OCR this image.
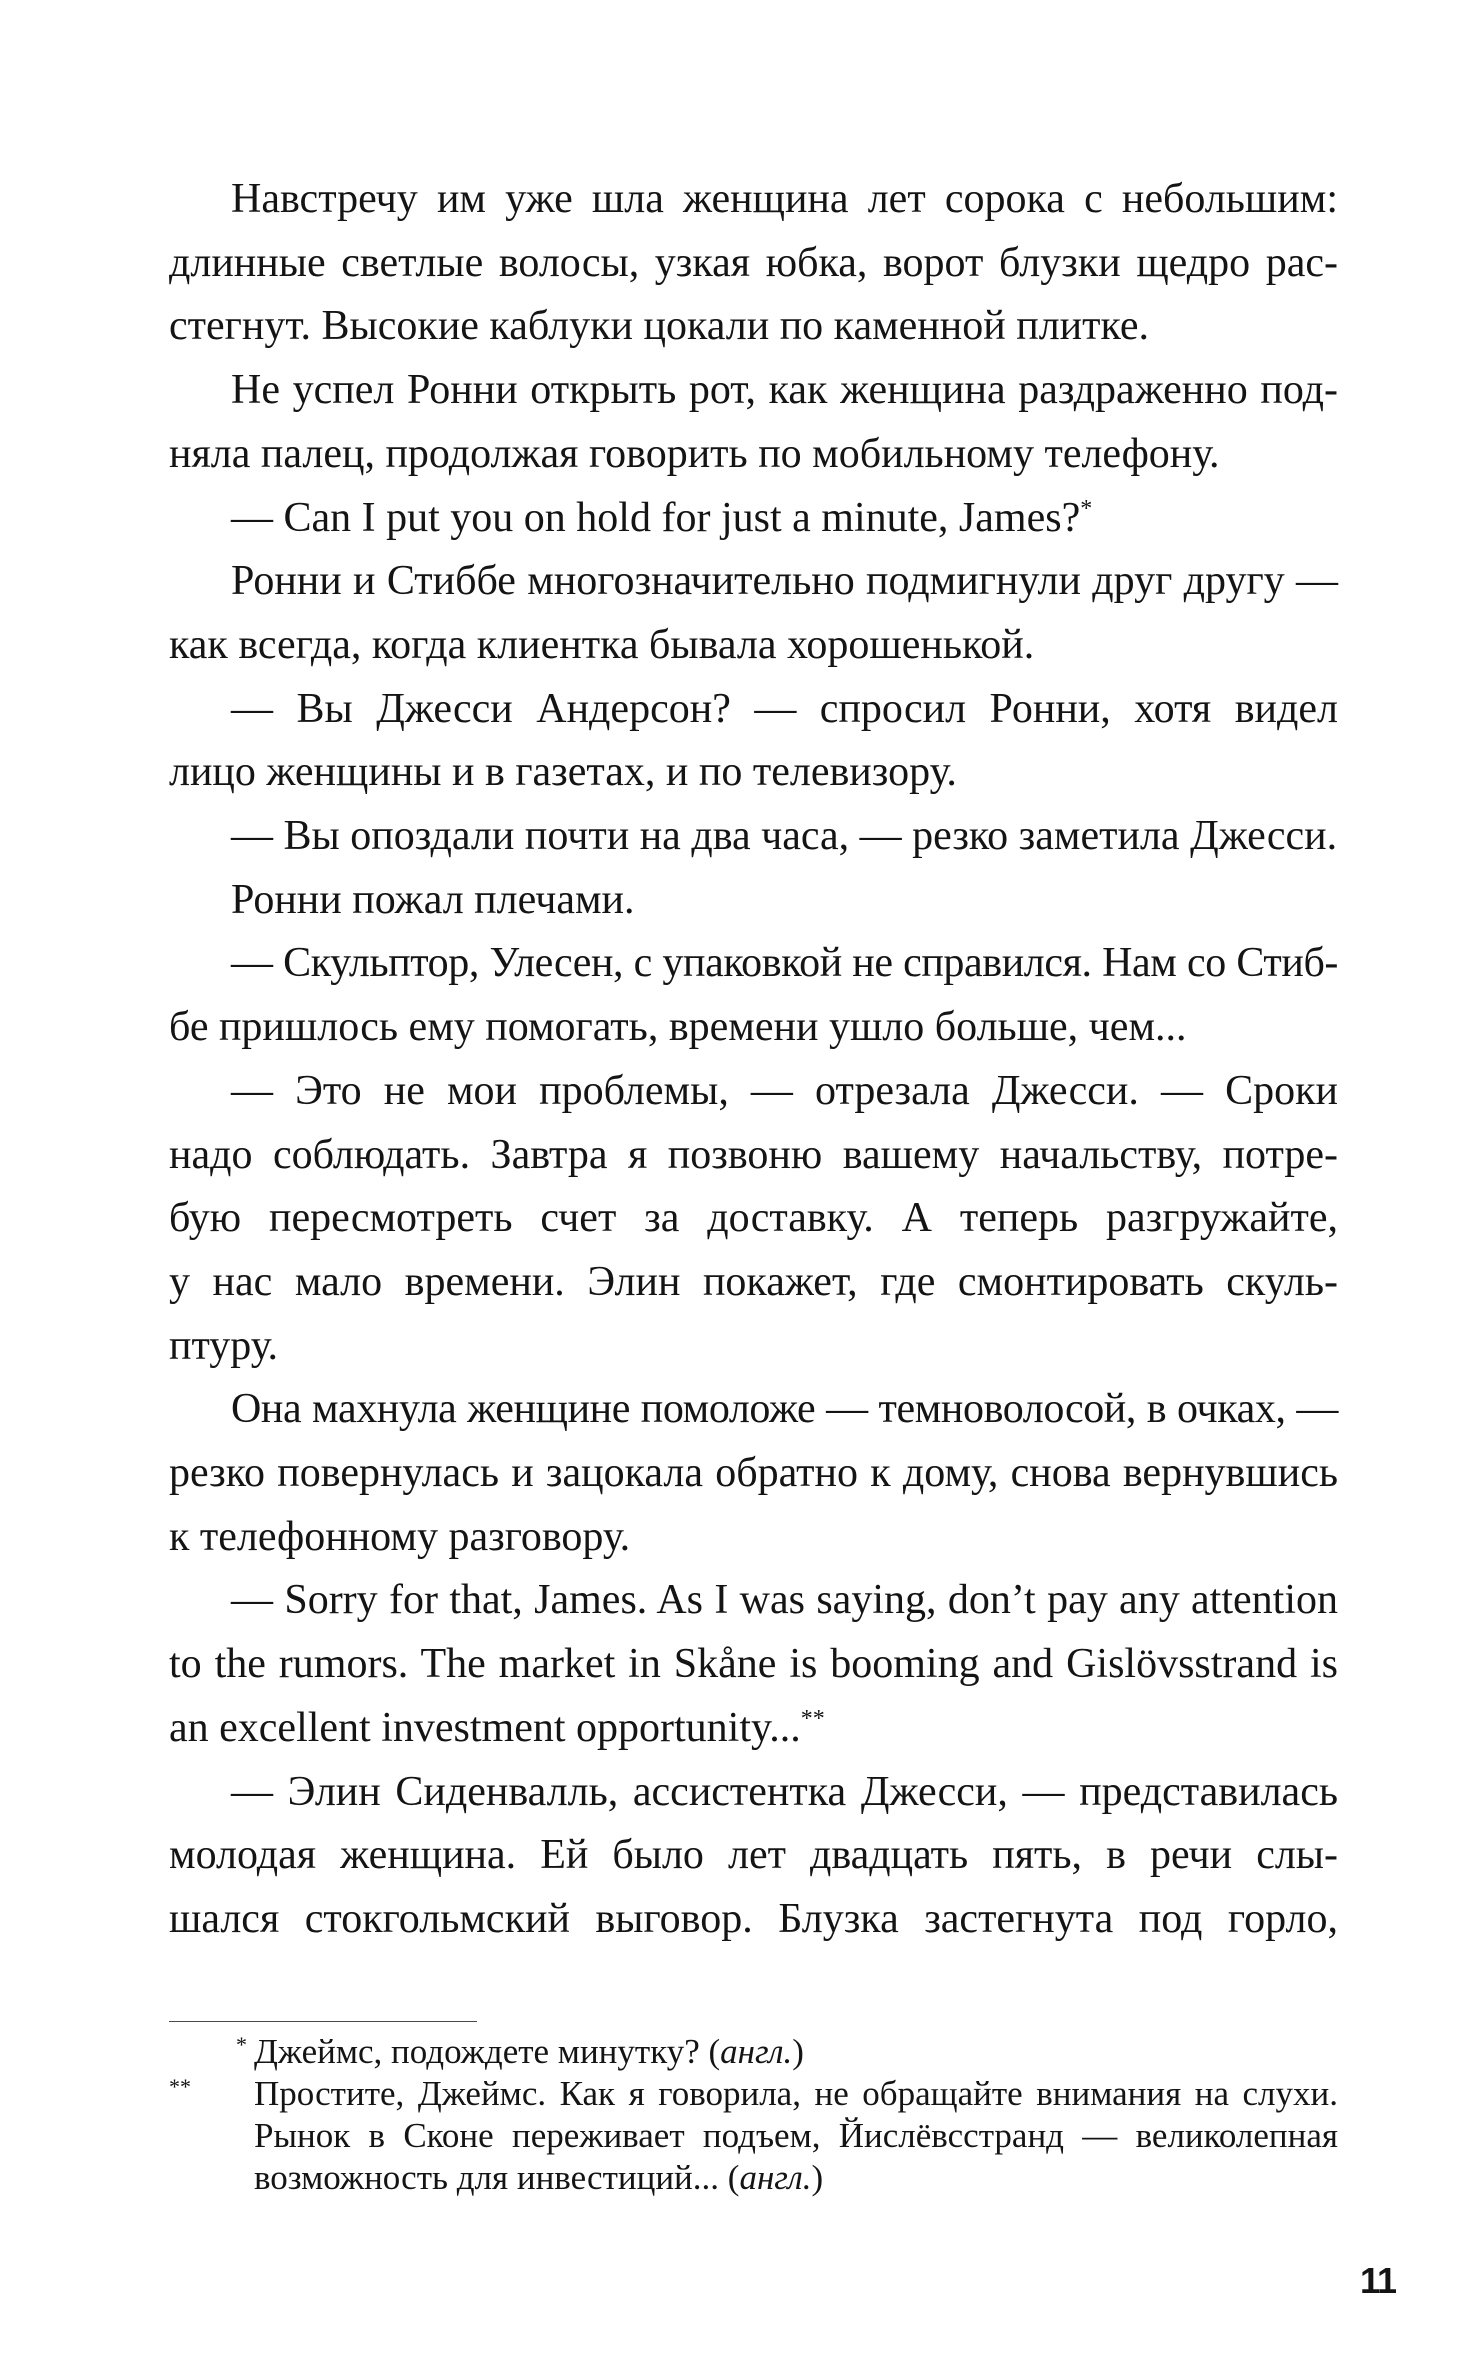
Навстречу им уже шла женщина лет сорока с небольшим:
длинные светлые волосы, узкая юбка, ворот блузки щедро рас-
стегнут. Высокие каблуки цокали по каменной плитке.
Не успел Ронни открыть рот, как женщина раздраженно под-
няла палец, продолжая говорить по мобильному телефону.
— Can I put you on hold for just a minute, James?*
Ронни и Стиббе многозначительно подмигнули друг другу —
как всегда, когда клиентка бывала хорошенькой.
— Вы Джесси Андерсон? — спросил Ронни, хотя видел
лицо женщины и в газетах, и по телевизору.
— Вы опоздали почти на два часа, — резко заметила Джесси.
Ронни пожал плечами.
— Скульптор, Улесен, с упаковкой не справился. Нам со Стиб-
бе пришлось ему помогать, времени ушло больше, чем...
— Это не мои проблемы, — отрезала Джесси. — Сроки
надо соблюдать. Завтра я позвоню вашему начальству, потре-
бую пересмотреть счет за доставку. А теперь разгружайте,
у нас мало времени. Элин покажет, где смонтировать скуль-
птуру.
Она махнула женщине помоложе — темноволосой, в очках, —
резко повернулась и зацокала обратно к дому, снова вернувшись
к телефонному разговору.
— Sorry for that, James. As I was saying, don’t pay any attention
to the rumors. The market in Skåne is booming and Gislövsstrand is
an excellent investment opportunity...**
— Элин Сиденвалль, ассистентка Джесси, — представилась
молодая женщина. Ей было лет двадцать пять, в речи слы-
шался стокгольмский выговор. Блузка застегнута под горло,
* Джеймс, подождете минутку? (англ.)
**	Простите, Джеймс. Как я говорила, не обращайте внимания на слухи.
Рынок в Сконе переживает подъем, Йислёвсстранд — великолепная
возможность для инвестиций... (англ.)
11
